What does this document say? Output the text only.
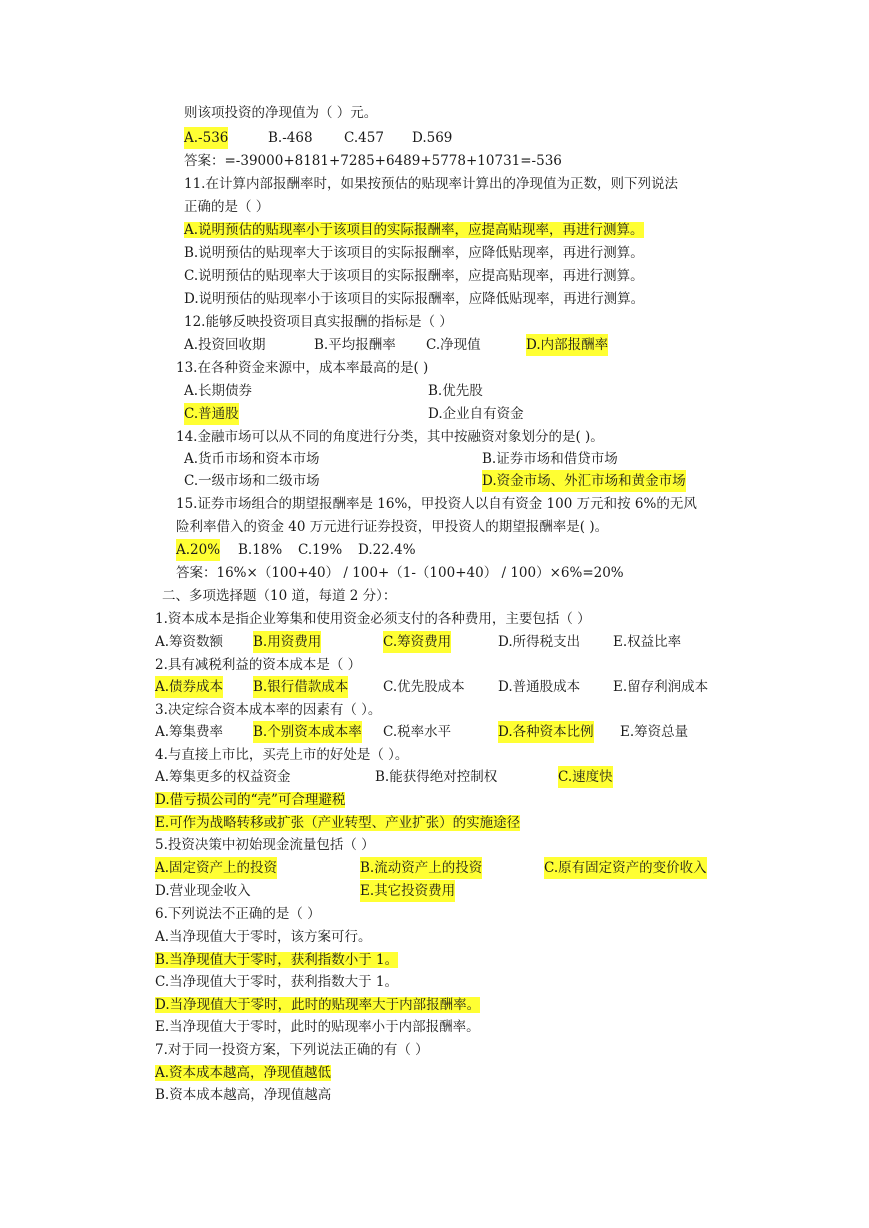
则该项投资的净现值为（ ）元。
A.-536	B.-468 C.457 D.569
答案：=-39000+8181+7285+6489+5778+10731=-536
11.在计算内部报酬率时，如果按预估的贴现率计算出的净现值为正数，则下列说法
正确的是（ ）
A.说明预估的贴现率小于该项目的实际报酬率，应提高贴现率，再进行测算。
B.说明预估的贴现率大于该项目的实际报酬率，应降低贴现率，再进行测算。
C.说明预估的贴现率大于该项目的实际报酬率，应提高贴现率，再进行测算。
D.说明预估的贴现率小于该项目的实际报酬率，应降低贴现率，再进行测算。
12.能够反映投资项目真实报酬的指标是（ ）
A.投资回收期	B.平均报酬率 C.净现值	D.内部报酬率
13.在各种资金来源中，成本率最高的是( )
A.长期债券	B.优先股
C.普通股	D.企业自有资金
14.金融市场可以从不同的角度进行分类，其中按融资对象划分的是( )。
A.货币市场和资本市场	B.证券市场和借贷市场
C.一级市场和二级市场	D.资金市场、外汇市场和黄金市场
15.证券市场组合的期望报酬率是 16%，甲投资人以自有资金 100 万元和按 6%的无风
险利率借入的资金 40 万元进行证券投资，甲投资人的期望报酬率是( )。
A.20% B.18% C.19% D.22.4%
答案：16%×（100+40） / 100+（1-（100+40） / 100）×6%=20%
二、多项选择题（10 道，每道 2 分）：
1.资本成本是指企业筹集和使用资金必须支付的各种费用，主要包括（ ）
A.筹资数额 B.用资费用	C.筹资费用	D.所得税支出 E.权益比率
2.具有减税利益的资本成本是（ ）
A.债券成本 B.银行借款成本	C.优先股成本 D.普通股成本 E.留存利润成本
3.决定综合资本成本率的因素有（ ）。
A.筹集费率 B.个别资本成本率 C.税率水平	D.各种资本比例 E.筹资总量
4.与直接上市比，买壳上市的好处是（ ）。
A.筹集更多的权益资金	B.能获得绝对控制权	C.速度快
D.借亏损公司的“壳”可合理避税
E.可作为战略转移或扩张（产业转型、产业扩张）的实施途径
5.投资决策中初始现金流量包括（ ）
A.固定资产上的投资	B.流动资产上的投资	C.原有固定资产的变价收入
D.营业现金收入	E.其它投资费用
6.下列说法不正确的是（ ）
A.当净现值大于零时，该方案可行。
B.当净现值大于零时，获利指数小于 1。
C.当净现值大于零时，获利指数大于 1。
D.当净现值大于零时，此时的贴现率大于内部报酬率。
E.当净现值大于零时，此时的贴现率小于内部报酬率。
7.对于同一投资方案，下列说法正确的有（ ）
A.资本成本越高，净现值越低
B.资本成本越高，净现值越高
